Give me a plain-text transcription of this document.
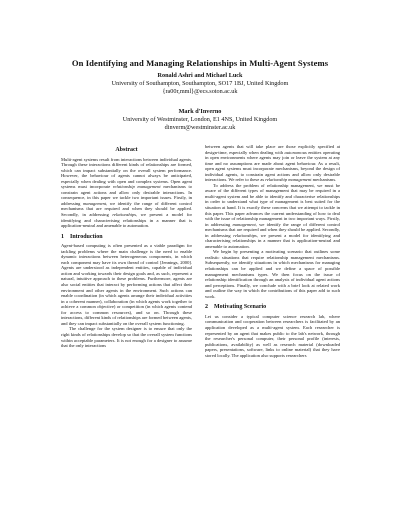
On Identifying and Managing Relationships in Multi-Agent Systems
Ronald Ashri and Michael Luck
University of Southampton, Southampton, SO17 1BJ, United Kingdom
{ra00r,mml}@ecs.soton.ac.uk
Mark d'Inverno
University of Westminster, London, E1 4NS, United Kingdom
dinverm@westminster.ac.uk
Abstract

Multi-agent systems result from interactions between individual agents. Through these interactions different kinds of relationships are formed, which can impact substantially on the overall system performance. However, the behaviour of agents cannot always be anticipated, especially when dealing with open and complex systems. Open agent systems must incorporate relationship management mechanisms to constrain agent actions and allow only desirable interactions. In consequence, in this paper we tackle two important issues. Firstly, in addressing management, we identify the range of different control mechanisms that are required and when they should be applied. Secondly, in addressing relationships, we present a model for identifying and characterising relationships in a manner that is application-neutral and amenable to automation.

1 Introduction

Agent-based computing is often presented as a viable paradigm for tackling problems where the main challenge is the need to enable dynamic interactions between heterogeneous components, in which each component may have its own thread of control [Jennings, 2000]. Agents are understood as independent entities, capable of individual action and working towards their design goals and, as such, represent a natural, intuitive approach to these problems. Furthermore, agents are also social entities that interact by performing actions that affect their environment and other agents in the environment. Such actions can enable coordination (in which agents arrange their individual activities in a coherent manner), collaboration (in which agents work together to achieve a common objective) or competition (in which agents contend for access to common resources), and so on. Through these interactions, different kinds of relationships are formed between agents, and they can impact substantially on the overall system functioning.

The challenge for the system designer is to ensure that only the right kinds of relationships develop so that the overall system functions within acceptable parameters. It is not enough for a designer to assume that the only interactions

between agents that will take place are those explicitly specified at design-time, especially when dealing with autonomous entities operating in open environments where agents may join or leave the system at any time and no assumptions are made about agent behaviour. As a result, open agent systems must incorporate mechanisms, beyond the design of individual agents, to constrain agent actions and allow only desirable interactions. We refer to these as relationship management mechanisms.

To address the problem of relationship management, we must be aware of the different types of management that may be required in a multi-agent system and be able to identify and characterise relationships in order to understand what type of management is best suited for the situation at hand. It is exactly these concerns that we attempt to tackle in this paper. This paper advances the current understanding of how to deal with the issue of relationship management in two important ways. Firstly, in addressing management, we identify the range of different control mechanisms that are required and when they should be applied. Secondly, in addressing relationships, we present a model for identifying and characterising relationships in a manner that is application-neutral and amenable to automation.

We begin by presenting a motivating scenario that outlines some realistic situations that require relationship management mechanisms. Subsequently, we identify situations in which mechanisms for managing relationships can be applied and we define a space of possible management mechanisms types. We then focus on the issue of relationship identification through an analysis of individual agent actions and perceptions. Finally, we conclude with a brief look at related work and outline the way in which the contributions of this paper add to such work.

2 Motivating Scenario

Let us consider a typical computer science research lab, where communication and cooperation between researchers is facilitated by an application developed as a multi-agent system. Each researcher is represented by an agent that makes public to the lab's network, through the researcher's personal computer, their personal profile (interests, publications, availability) as well as research material (downloaded papers, presentations, software, links to online material) that they have stored locally. The application also supports researchers
